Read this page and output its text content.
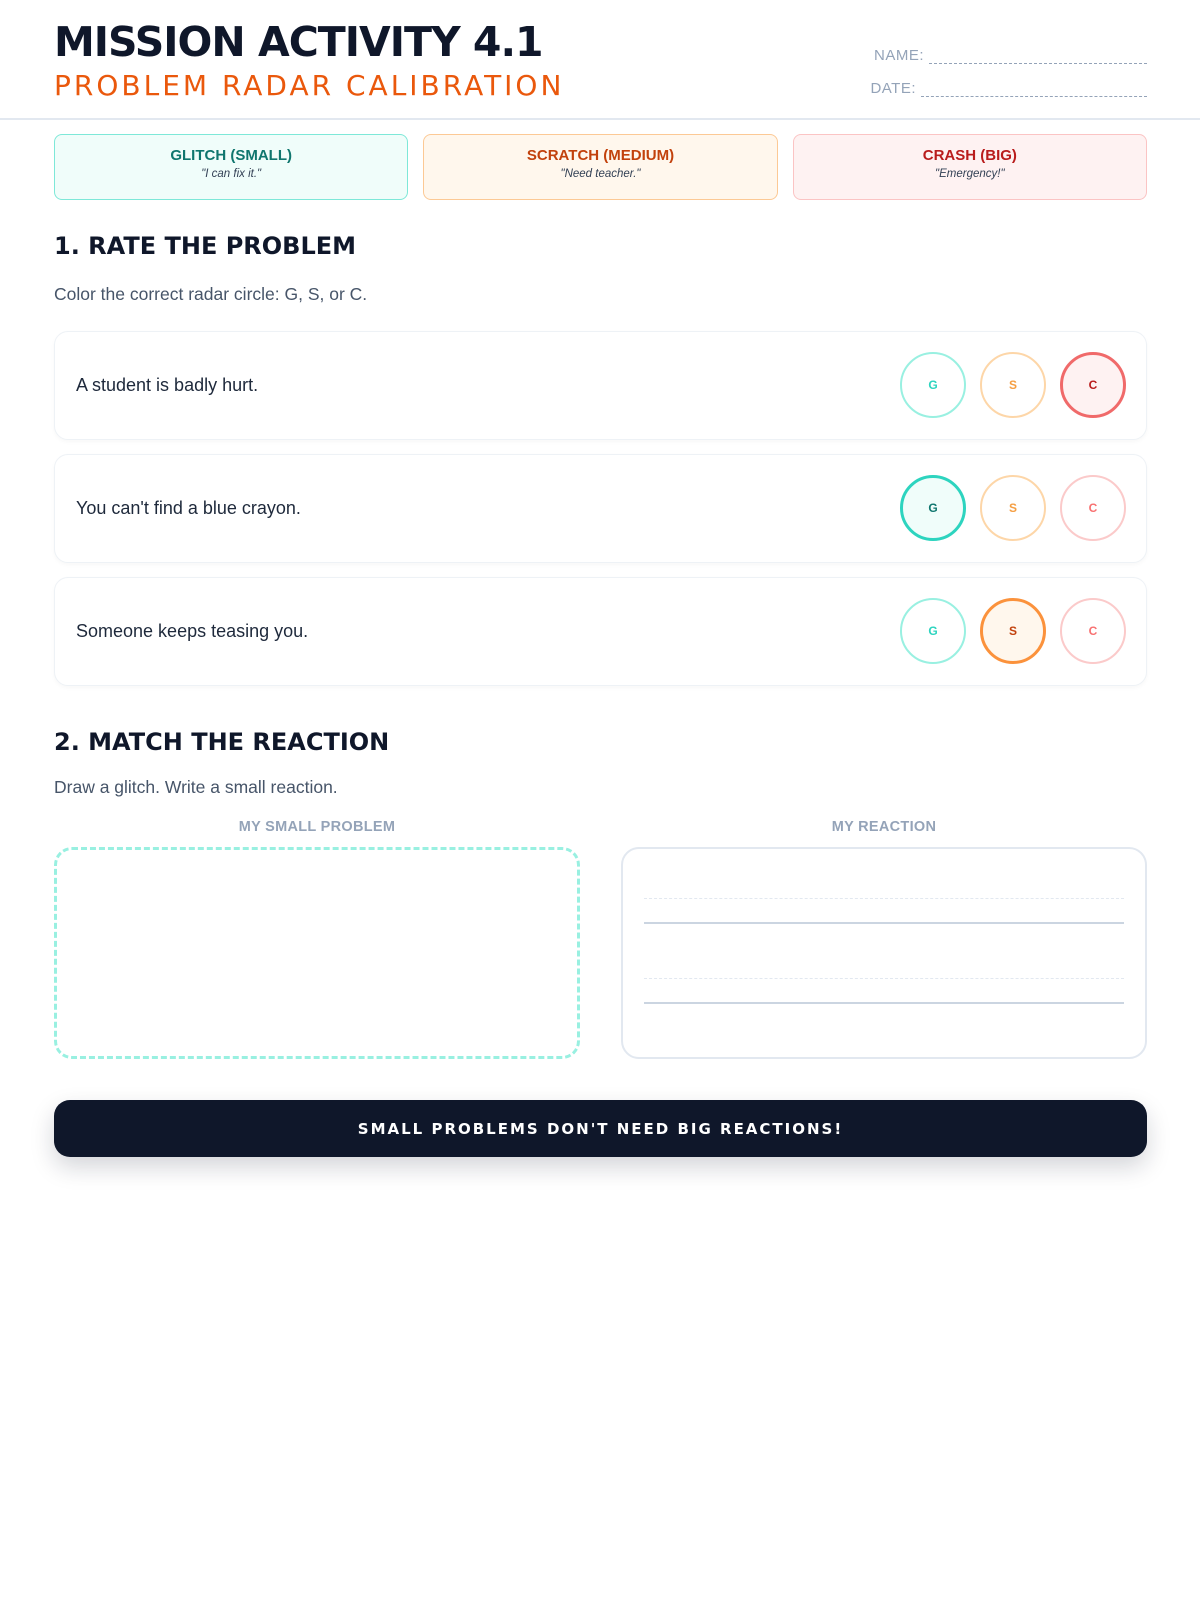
MISSION ACTIVITY 4.1
PROBLEM RADAR CALIBRATION
NAME:
DATE:
GLITCH (SMALL)
"I can fix it."
SCRATCH (MEDIUM)
"Need teacher."
CRASH (BIG)
"Emergency!"
1. RATE THE PROBLEM
Color the correct radar circle: G, S, or C.
A student is badly hurt.	G	S	C
You can't find a blue crayon.	G	S	C
Someone keeps teasing you.	G	S	C
2. MATCH THE REACTION
Draw a glitch. Write a small reaction.
MY SMALL PROBLEM	MY REACTION
SMALL PROBLEMS DON'T NEED BIG REACTIONS!
